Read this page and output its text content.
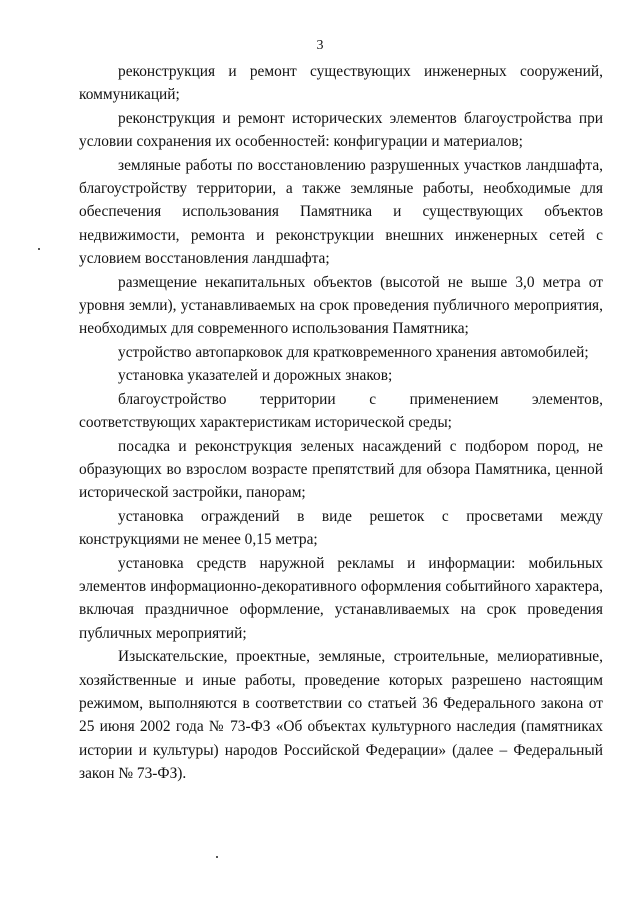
3

реконструкция и ремонт существующих инженерных сооружений, коммуникаций;

реконструкция и ремонт исторических элементов благоустройства при условии сохранения их особенностей: конфигурации и материалов;

земляные работы по восстановлению разрушенных участков ландшафта, благоустройству территории, а также земляные работы, необходимые для обеспечения использования Памятника и существующих объектов недвижимости, ремонта и реконструкции внешних инженерных сетей с условием восстановления ландшафта;

размещение некапитальных объектов (высотой не выше 3,0 метра от уровня земли), устанавливаемых на срок проведения публичного мероприятия, необходимых для современного использования Памятника;

устройство автопарковок для кратковременного хранения автомобилей;

установка указателей и дорожных знаков;

благоустройство территории с применением элементов, соответствующих характеристикам исторической среды;

посадка и реконструкция зеленых насаждений с подбором пород, не образующих во взрослом возрасте препятствий для обзора Памятника, ценной исторической застройки, панорам;

установка ограждений в виде решеток с просветами между конструкциями не менее 0,15 метра;

установка средств наружной рекламы и информации: мобильных элементов информационно-декоративного оформления событийного характера, включая праздничное оформление, устанавливаемых на срок проведения публичных мероприятий;

Изыскательские, проектные, земляные, строительные, мелиоративные, хозяйственные и иные работы, проведение которых разрешено настоящим режимом, выполняются в соответствии со статьей 36 Федерального закона от 25 июня 2002 года № 73-ФЗ «Об объектах культурного наследия (памятниках истории и культуры) народов Российской Федерации» (далее – Федеральный закон № 73-ФЗ).
